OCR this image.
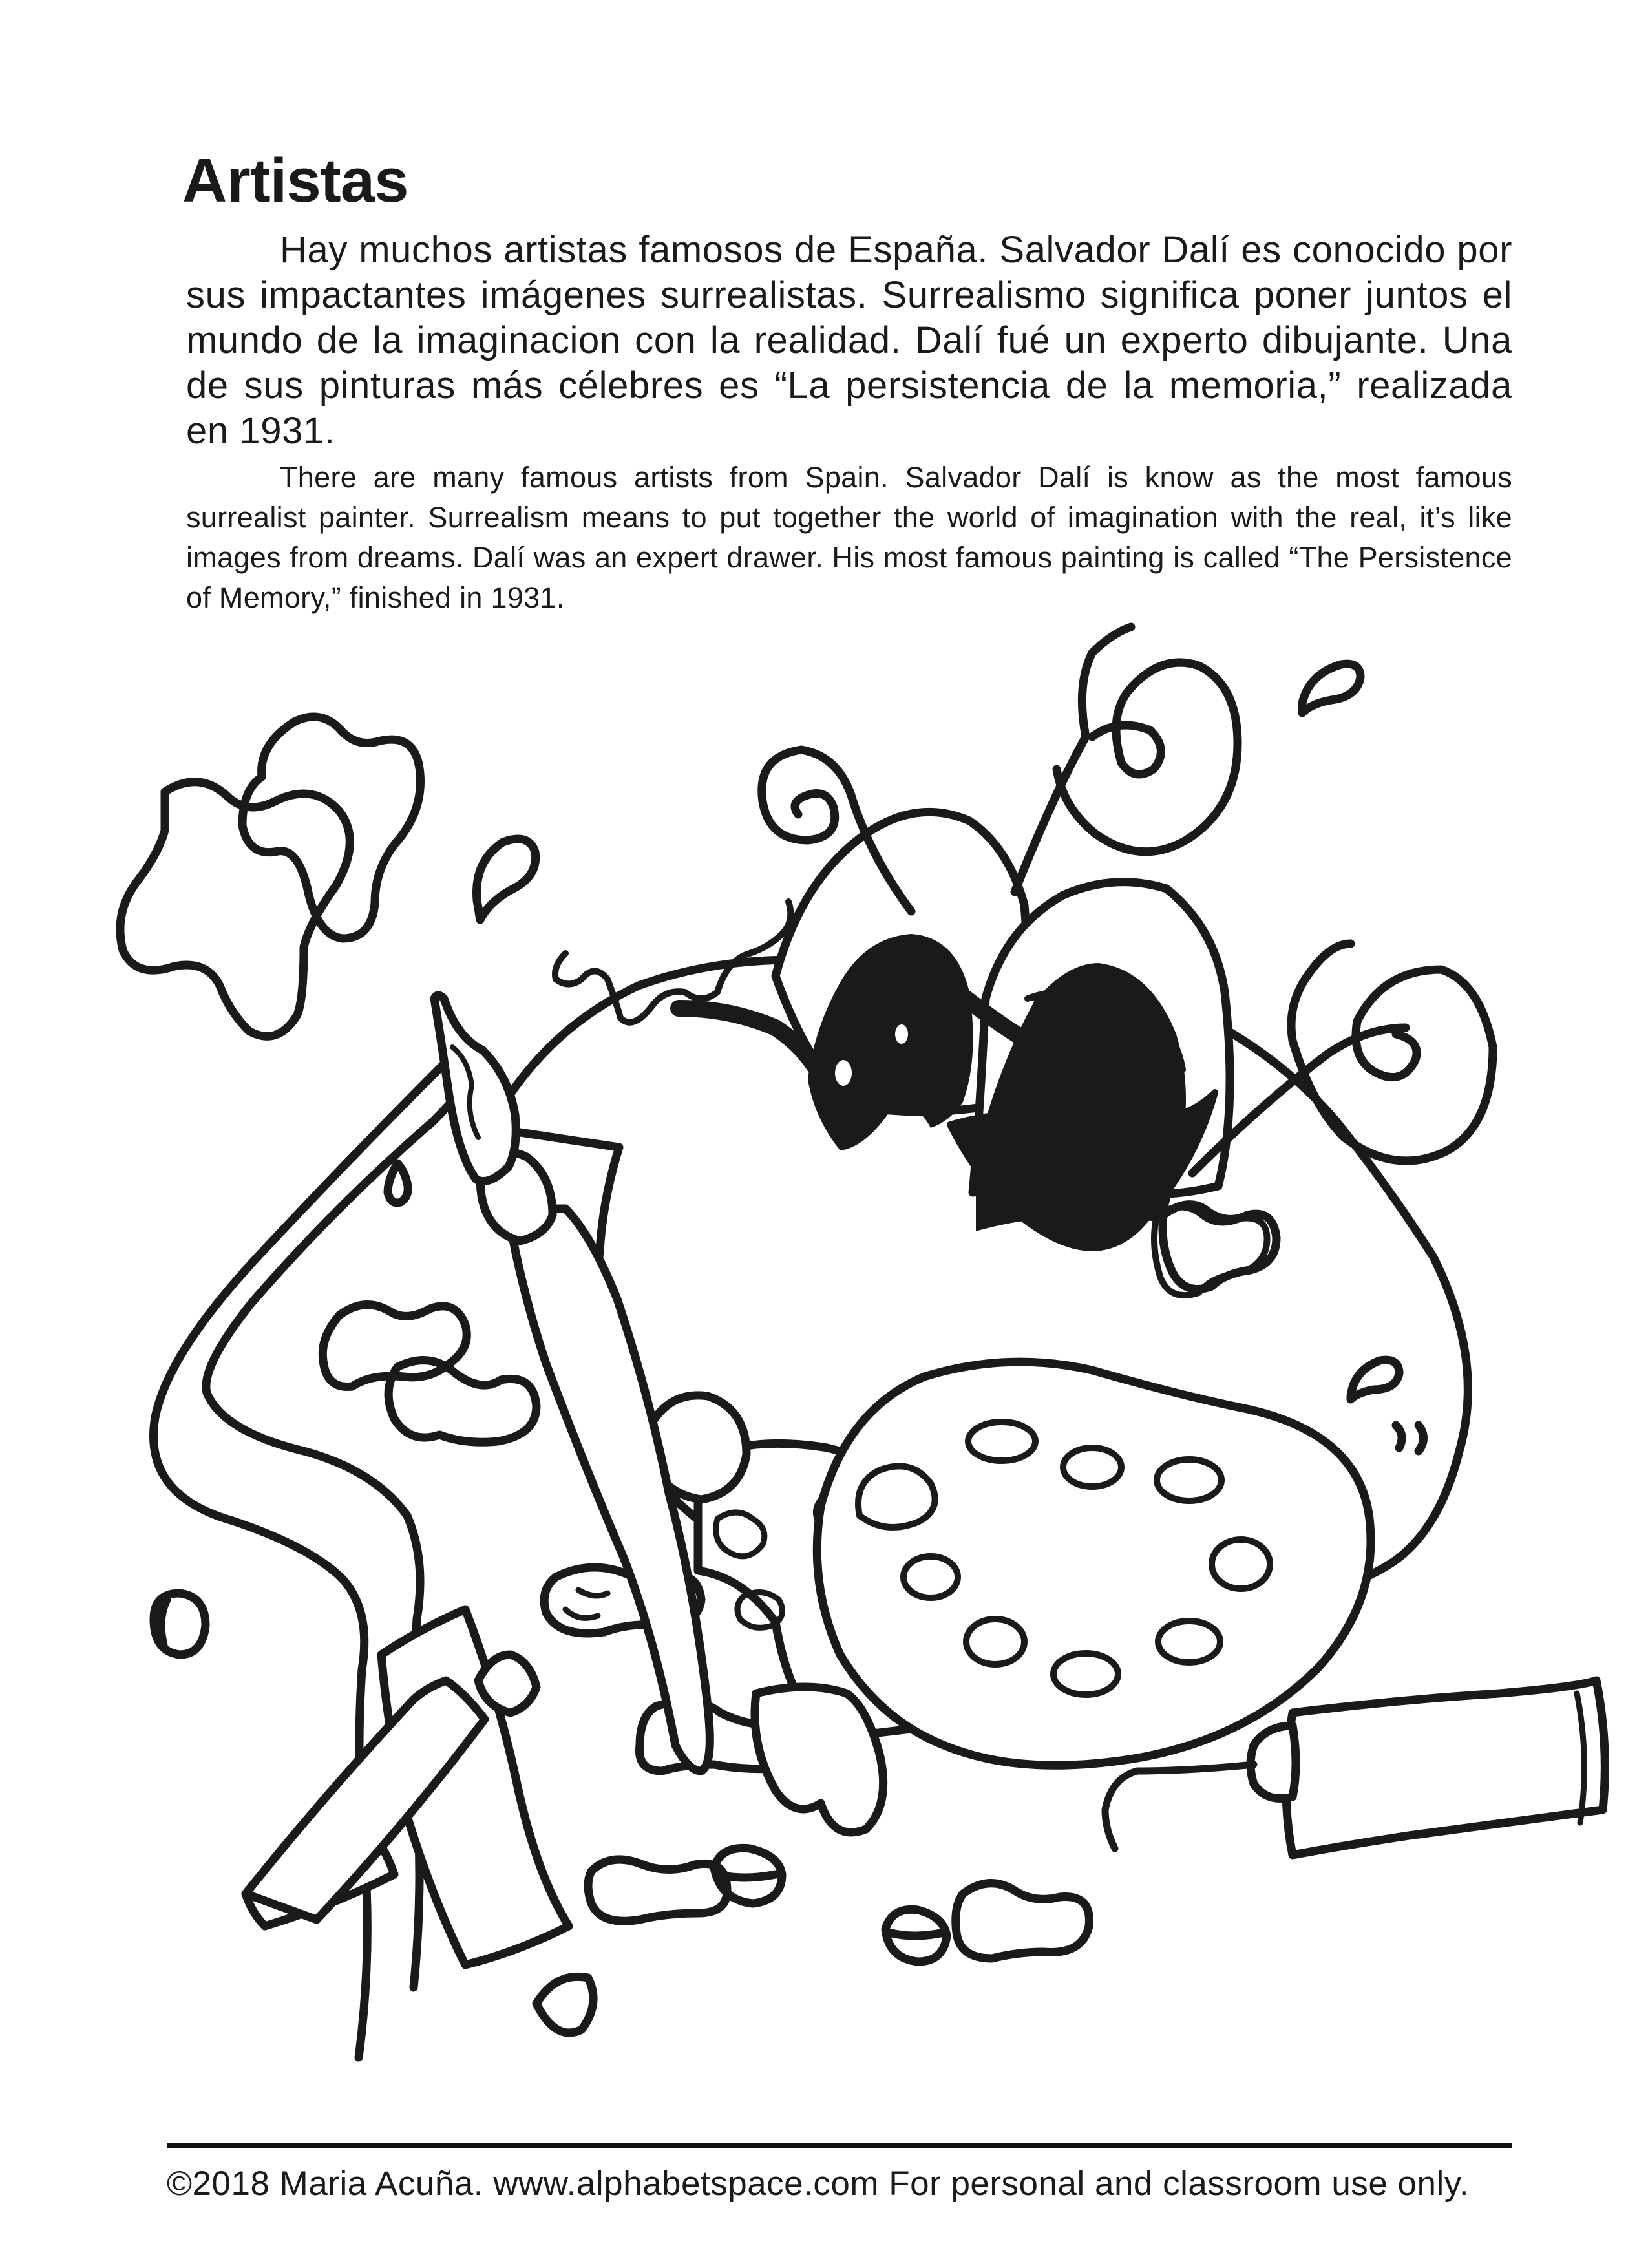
Artistas

Hay muchos artistas famosos de España. Salvador Dalí es conocido por sus impactantes imágenes surrealistas. Surrealismo significa poner juntos el mundo de la imaginacion con la realidad. Dalí fué un experto dibujante. Una de sus pinturas más célebres es “La persistencia de la memoria,” realizada en 1931.

There are many famous artists from Spain. Salvador Dalí is know as the most famous surrealist painter. Surrealism means to put together the world of imagination with the real, it’s like images from dreams. Dalí was an expert drawer. His most famous painting is called “The Persistence of Memory,” finished in 1931.

©2018 Maria Acuña. www.alphabetspace.com For personal and classroom use only.
